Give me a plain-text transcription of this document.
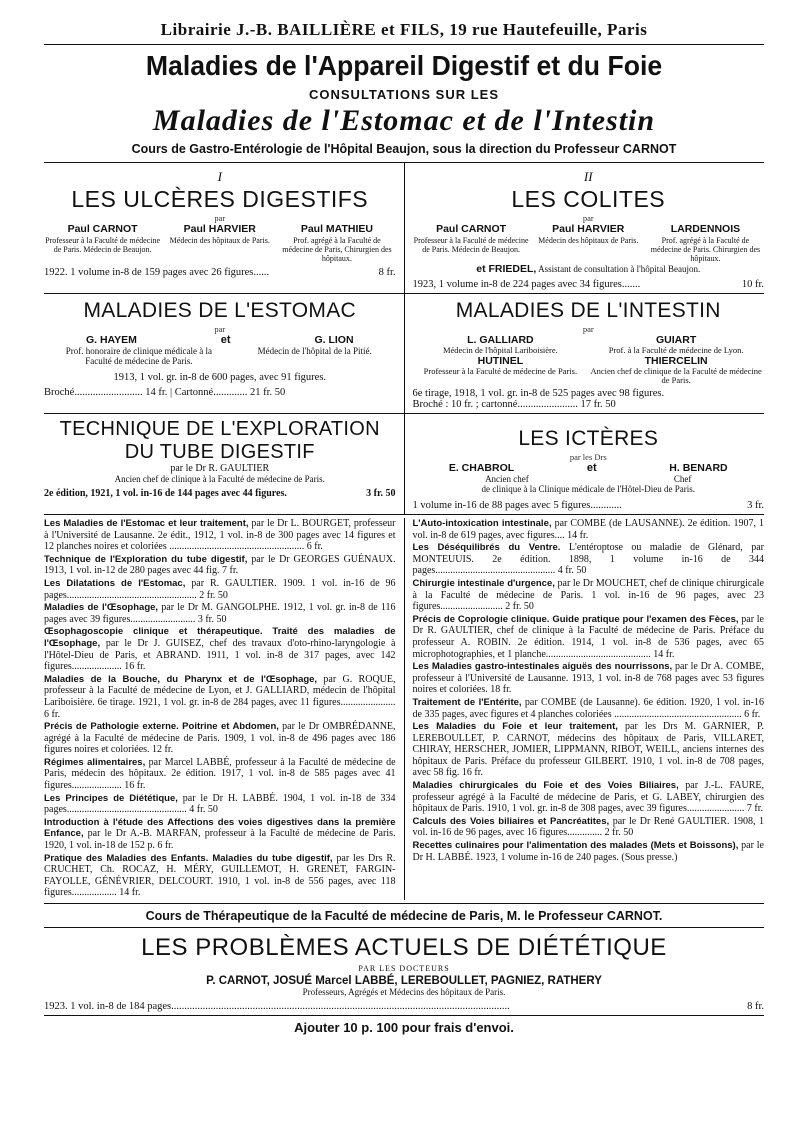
Librairie J.-B. BAILLIÈRE et FILS, 19 rue Hautefeuille, Paris
Maladies de l'Appareil Digestif et du Foie
CONSULTATIONS SUR LES
Maladies de l'Estomac et de l'Intestin
Cours de Gastro-Entérologie de l'Hôpital Beaujon, sous la direction du Professeur CARNOT
I
LES ULCÈRES DIGESTIFS
par
Paul CARNOT
Professeur à la Faculté de médecine de Paris. Médecin de Beaujon.
Paul HARVIER
Médecin des hôpitaux de Paris.
Paul MATHIEU
Prof. agrégé à la Faculté de médecine de Paris, Chirurgien des hôpitaux.
1922. 1 volume in-8 de 159 pages avec 26 figures......	8 fr.
II
LES COLITES
par
Paul CARNOT
Professeur à la Faculté de médecine de Paris. Médecin de Beaujon.
Paul HARVIER
Médecin des hôpitaux de Paris.
LARDENNOIS
Prof. agrégé à la Faculté de médecine de Paris. Chirurgien des hôpitaux.
et FRIEDEL, Assistant de consultation à l'hôpital Beaujon.
1923, 1 volume in-8 de 224 pages avec 34 figures.......	10 fr.
MALADIES DE L'ESTOMAC
par
G. HAYEM	et	G. LION
Prof. honoraire de clinique médicale à la Faculté de médecine de Paris.
Médecin de l'hôpital de la Pitié.
1913, 1 vol. gr. in-8 de 600 pages, avec 91 figures.
Broché.......................... 14 fr. | Cartonné............. 21 fr. 50
MALADIES DE L'INTESTIN
par
L. GALLIARD
Médecin de l'hôpital Lariboisière.
GUIART
Prof. à la Faculté de médecine de Lyon.
HUTINEL
Professeur à la Faculté de médecine de Paris.
THIERCELIN
Ancien chef de clinique de la Faculté de médecine de Paris.
6e tirage, 1918, 1 vol. gr. in-8 de 525 pages avec 98 figures.
Broché : 10 fr. ; cartonné....................... 17 fr. 50
TECHNIQUE DE L'EXPLORATION
DU TUBE DIGESTIF
par le Dr R. GAULTIER
Ancien chef de clinique à la Faculté de médecine de Paris.
2e édition, 1921, 1 vol. in-16 de 144 pages avec 44 figures.	3 fr. 50
LES ICTÈRES
par les Drs
E. CHABROL	et	H. BENARD
Ancien chef	Chef
de clinique à la Clinique médicale de l'Hôtel-Dieu de Paris.
1 volume in-16 de 88 pages avec 5 figures............	3 fr.

Les Maladies de l'Estomac et leur traitement, par le Dr L. BOURGET, professeur à l'Université de Lausanne. 2e édit., 1912, 1 vol. in-8 de 300 pages avec 14 figures et 12 planches noires et coloriées ...................................................... 6 fr.

Technique de l'Exploration du tube digestif, par le Dr GEORGES GUÉNAUX. 1913, 1 vol. in-12 de 280 pages avec 44 fig. 7 fr.

Les Dilatations de l'Estomac, par R. GAULTIER. 1909. 1 vol. in-16 de 96 pages.................................................... 2 fr. 50

Maladies de l'Œsophage, par le Dr M. GANGOLPHE. 1912, 1 vol. gr. in-8 de 116 pages avec 39 figures.......................... 3 fr. 50

Œsophagoscopie clinique et thérapeutique. Traité des maladies de l'Œsophage, par le Dr J. GUISEZ, chef des travaux d'oto-rhino-laryngologie à l'Hôtel-Dieu de Paris, et ABRAND. 1911, 1 vol. in-8 de 317 pages, avec 142 figures.................... 16 fr.

Maladies de la Bouche, du Pharynx et de l'Œsophage, par G. ROQUE, professeur à la Faculté de médecine de Lyon, et J. GALLIARD, médecin de l'hôpital Lariboisière. 6e tirage. 1921, 1 vol. gr. in-8 de 284 pages, avec 11 figures...................... 6 fr.

Précis de Pathologie externe. Poitrine et Abdomen, par le Dr OMBRÉDANNE, agrégé à la Faculté de médecine de Paris. 1909, 1 vol. in-8 de 496 pages avec 186 figures noires et coloriées. 12 fr.

Régimes alimentaires, par Marcel LABBÉ, professeur à la Faculté de médecine de Paris, médecin des hôpitaux. 2e édition. 1917, 1 vol. in-8 de 585 pages avec 41 figures.................... 16 fr.

Les Principes de Diététique, par le Dr H. LABBÉ. 1904, 1 vol. in-18 de 334 pages................................................ 4 fr. 50

Introduction à l'étude des Affections des voies digestives dans la première Enfance, par le Dr A.-B. MARFAN, professeur à la Faculté de médecine de Paris. 1920, 1 vol. in-18 de 152 p. 6 fr.

Pratique des Maladies des Enfants. Maladies du tube digestif, par les Drs R. CRUCHET, Ch. ROCAZ, H. MÉRY, GUILLEMOT, H. GRENET, FARGIN-FAYOLLE, GÉNÉVRIER, DELCOURT. 1910, 1 vol. in-8 de 556 pages, avec 118 figures.................. 14 fr.

L'Auto-intoxication intestinale, par COMBE (de LAUSANNE). 2e édition. 1907, 1 vol. in-8 de 619 pages, avec figures.... 14 fr.

Les Déséquilibrés du Ventre. L'entéroptose ou maladie de Glénard, par MONTEUUIS. 2e édition. 1898, 1 volume in-16 de 344 pages................................................ 4 fr. 50

Chirurgie intestinale d'urgence, par le Dr MOUCHET, chef de clinique chirurgicale à la Faculté de médecine de Paris. 1 vol. in-16 de 96 pages, avec 23 figures......................... 2 fr. 50

Précis de Coprologie clinique. Guide pratique pour l'examen des Fèces, par le Dr R. GAULTIER, chef de clinique à la Faculté de médecine de Paris. Préface du professeur A. ROBIN. 2e édition. 1914, 1 vol. in-8 de 536 pages, avec 65 microphotographies, et 1 planche.......................................... 14 fr.

Les Maladies gastro-intestinales aiguës des nourrissons, par le Dr A. COMBE, professeur à l'Université de Lausanne. 1913, 1 vol. in-8 de 768 pages avec 53 figures noires et coloriées. 18 fr.

Traitement de l'Entérite, par COMBE (de Lausanne). 6e édition. 1920, 1 vol. in-16 de 335 pages, avec figures et 4 planches coloriées ................................................... 6 fr.

Les Maladies du Foie et leur traitement, par les Drs M. GARNIER, P. LEREBOULLET, P. CARNOT, médecins des hôpitaux de Paris, VILLARET, CHIRAY, HERSCHER, JOMIER, LIPPMANN, RIBOT, WEILL, anciens internes des hôpitaux de Paris. Préface du professeur GILBERT. 1910, 1 vol. in-8 de 708 pages, avec 58 fig. 16 fr.

Maladies chirurgicales du Foie et des Voies Biliaires, par J.-L. FAURE, professeur agrégé à la Faculté de médecine de Paris, et G. LABEY, chirurgien des hôpitaux de Paris. 1910, 1 vol. gr. in-8 de 308 pages, avec 39 figures....................... 7 fr.

Calculs des Voies biliaires et Pancréatites, par le Dr René GAULTIER. 1908, 1 vol. in-16 de 96 pages, avec 16 figures.............. 2 fr. 50

Recettes culinaires pour l'alimentation des malades (Mets et Boissons), par le Dr H. LABBÉ. 1923, 1 volume in-16 de 240 pages. (Sous presse.)

Cours de Thérapeutique de la Faculté de médecine de Paris, M. le Professeur CARNOT.
LES PROBLÈMES ACTUELS DE DIÉTÉTIQUE
PAR LES DOCTEURS
P. CARNOT, JOSUÉ Marcel LABBÉ, LEREBOULLET, PAGNIEZ, RATHERY
Professeurs, Agrégés et Médecins des hôpitaux de Paris.
1923. 1 vol. in-8 de 184 pages.................................................................................................................................	8 fr.
Ajouter 10 p. 100 pour frais d'envoi.
